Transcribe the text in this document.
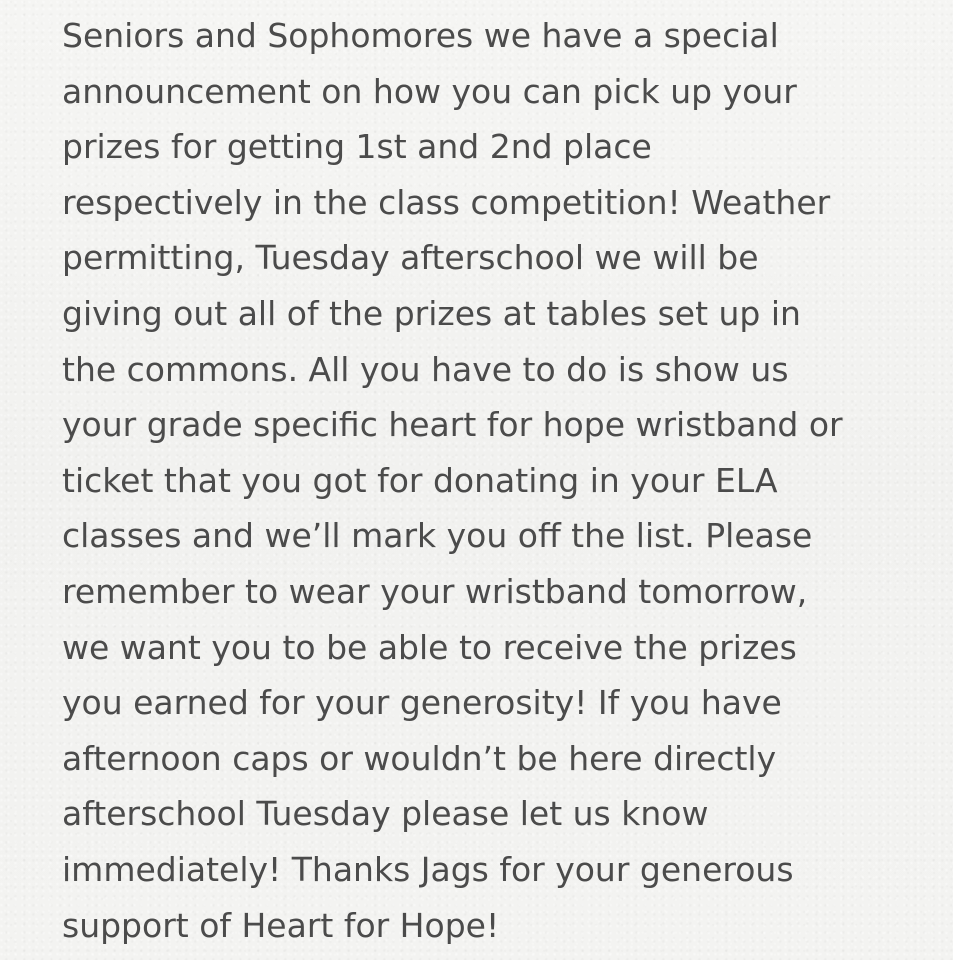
Seniors and Sophomores we have a special
announcement on how you can pick up your
prizes for getting 1st and 2nd place
respectively in the class competition! Weather
permitting, Tuesday afterschool we will be
giving out all of the prizes at tables set up in
the commons. All you have to do is show us
your grade specific heart for hope wristband or
ticket that you got for donating in your ELA
classes and we’ll mark you off the list. Please
remember to wear your wristband tomorrow,
we want you to be able to receive the prizes
you earned for your generosity! If you have
afternoon caps or wouldn’t be here directly
afterschool Tuesday please let us know
immediately! Thanks Jags for your generous
support of Heart for Hope!
